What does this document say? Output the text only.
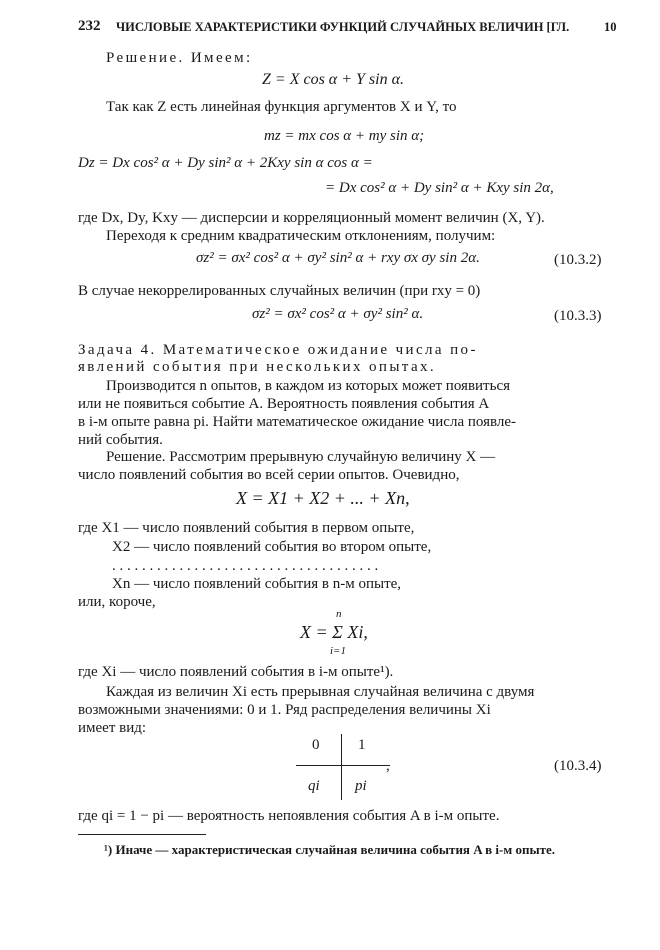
232 ЧИСЛОВЫЕ ХАРАКТЕРИСТИКИ ФУНКЦИЙ СЛУЧАЙНЫХ ВЕЛИЧИН [ГЛ.	10
Решение. Имеем:
Z = X cos α + Y sin α.
Так как Z есть линейная функция аргументов X и Y, то
mz = mx cos α + my sin α;
Dz = Dx cos² α + Dy sin² α + 2Kxy sin α cos α =
= Dx cos² α + Dy sin² α + Kxy sin 2α,
где Dx, Dy, Kxy — дисперсии и корреляционный момент величин (X, Y).
Переходя к средним квадратическим отклонениям, получим:
σz² = σx² cos² α + σy² sin² α + rxy σx σy sin 2α.	(10.3.2)
В случае некоррелированных случайных величин (при rxy = 0)
σz² = σx² cos² α + σy² sin² α.	(10.3.3)
Задача 4. Математическое ожидание числа по-
явлений события при нескольких опытах.
Производится n опытов, в каждом из которых может появиться
или не появиться событие A. Вероятность появления события A
в i-м опыте равна pi. Найти математическое ожидание числа появле-
ний события.
Решение. Рассмотрим прерывную случайную величину X —
число появлений события во всей серии опытов. Очевидно,
X = X1 + X2 + ... + Xn,
где X1 — число появлений события в первом опыте,
X2 — число появлений события во втором опыте,
. . . . . . . . . . . . . . . . . . . . . . . . . . . . . . . . . . . .
Xn — число появлений события в n-м опыте,
или, короче,
n
X = Σ Xi,
i=1
где Xi — число появлений события в i-м опыте¹).
Каждая из величин Xi есть прерывная случайная величина с двумя
возможными значениями: 0 и 1. Ряд распределения величины Xi
имеет вид:
0	1
qi pi
,	(10.3.4)
где qi = 1 − pi — вероятность непоявления события A в i-м опыте.
¹) Иначе — характеристическая случайная величина события A в i-м опыте.
